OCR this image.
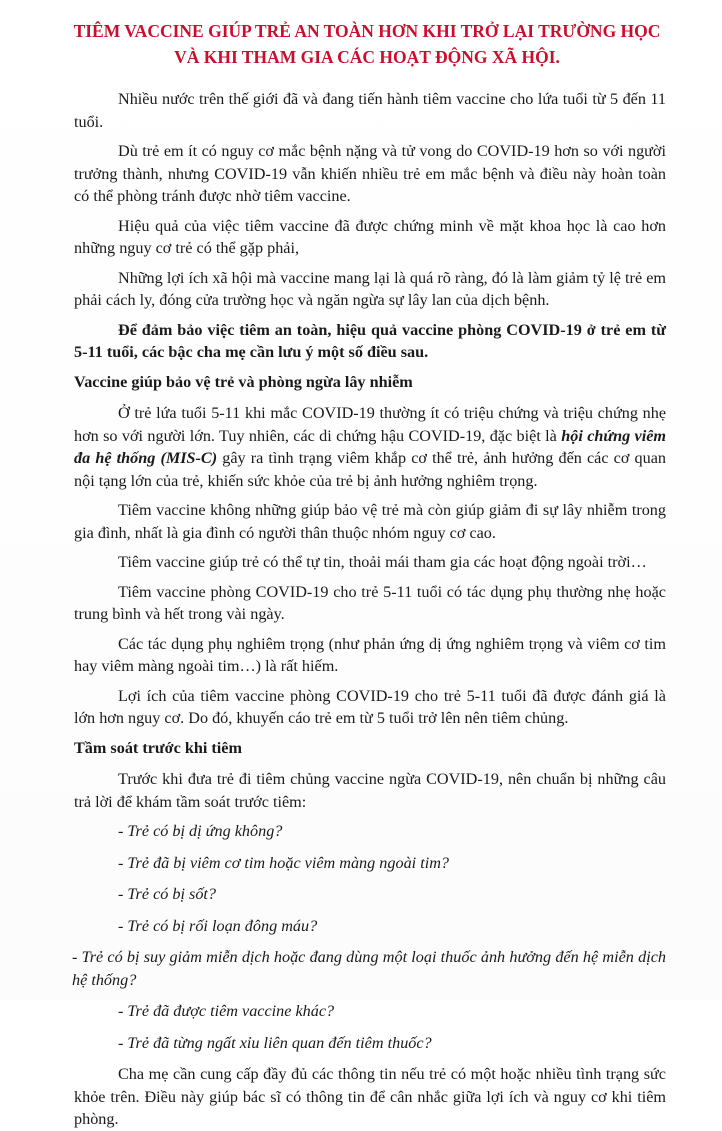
TIÊM VACCINE GIÚP TRẺ AN TOÀN HƠN KHI TRỞ LẠI TRƯỜNG HỌC
VÀ KHI THAM GIA CÁC HOẠT ĐỘNG XÃ HỘI.

Nhiều nước trên thế giới đã và đang tiến hành tiêm vaccine cho lứa tuổi từ 5 đến 11 tuổi.

Dù trẻ em ít có nguy cơ mắc bệnh nặng và tử vong do COVID-19 hơn so với người trưởng thành, nhưng COVID-19 vẫn khiến nhiều trẻ em mắc bệnh và điều này hoàn toàn có thể phòng tránh được nhờ tiêm vaccine.

Hiệu quả của việc tiêm vaccine đã được chứng minh về mặt khoa học là cao hơn những nguy cơ trẻ có thể gặp phải,

Những lợi ích xã hội mà vaccine mang lại là quá rõ ràng, đó là làm giảm tỷ lệ trẻ em phải cách ly, đóng cửa trường học và ngăn ngừa sự lây lan của dịch bệnh.

Để đảm bảo việc tiêm an toàn, hiệu quả vaccine phòng COVID-19 ở trẻ em từ 5-11 tuổi, các bậc cha mẹ cần lưu ý một số điều sau.

Vaccine giúp bảo vệ trẻ và phòng ngừa lây nhiễm

Ở trẻ lứa tuổi 5-11 khi mắc COVID-19 thường ít có triệu chứng và triệu chứng nhẹ hơn so với người lớn. Tuy nhiên, các di chứng hậu COVID-19, đặc biệt là hội chứng viêm đa hệ thống (MIS-C) gây ra tình trạng viêm khắp cơ thể trẻ, ảnh hưởng đến các cơ quan nội tạng lớn của trẻ, khiến sức khỏe của trẻ bị ảnh hưởng nghiêm trọng.

Tiêm vaccine không những giúp bảo vệ trẻ mà còn giúp giảm đi sự lây nhiễm trong gia đình, nhất là gia đình có người thân thuộc nhóm nguy cơ cao.

Tiêm vaccine giúp trẻ có thể tự tin, thoải mái tham gia các hoạt động ngoài trời…

Tiêm vaccine phòng COVID-19 cho trẻ 5-11 tuổi có tác dụng phụ thường nhẹ hoặc trung bình và hết trong vài ngày.

Các tác dụng phụ nghiêm trọng (như phản ứng dị ứng nghiêm trọng và viêm cơ tim hay viêm màng ngoài tim…) là rất hiếm.

Lợi ích của tiêm vaccine phòng COVID-19 cho trẻ 5-11 tuổi đã được đánh giá là lớn hơn nguy cơ. Do đó, khuyến cáo trẻ em từ 5 tuổi trở lên nên tiêm chủng.

Tầm soát trước khi tiêm

Trước khi đưa trẻ đi tiêm chủng vaccine ngừa COVID-19, nên chuẩn bị những câu trả lời để khám tầm soát trước tiêm:

- Trẻ có bị dị ứng không?

- Trẻ đã bị viêm cơ tim hoặc viêm màng ngoài tim?

- Trẻ có bị sốt?

- Trẻ có bị rối loạn đông máu?

- Trẻ có bị suy giảm miễn dịch hoặc đang dùng một loại thuốc ảnh hưởng đến hệ miễn dịch hệ thống?

- Trẻ đã được tiêm vaccine khác?

- Trẻ đã từng ngất xỉu liên quan đến tiêm thuốc?

Cha mẹ cần cung cấp đầy đủ các thông tin nếu trẻ có một hoặc nhiều tình trạng sức khỏe trên. Điều này giúp bác sĩ có thông tin để cân nhắc giữa lợi ích và nguy cơ khi tiêm phòng.
